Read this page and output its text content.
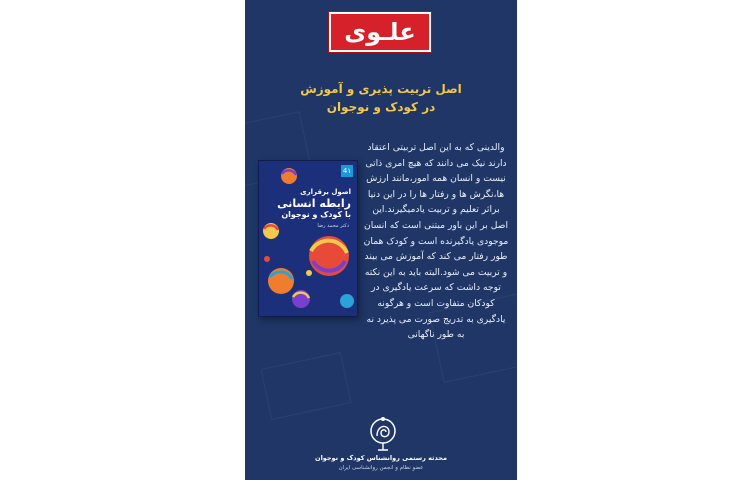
علـوی
اصل تربیت پذیری و آموزش
در کودک و نوجوان
4۱
اصول برقراری
رابطه انسانی
با کودک و نوجوان
دکتر محمد رضا
والدینی که به این اصل تربیتی اعتقاد دارند نیک می دانند که هیچ امری ذاتی نیست و انسان همه امور،مانند ارزش ها،نگرش ها و رفتار ها را در این دنیا براثر تعلیم و تربیت یادمیگیرند.این اصل بر این باور مبتنی است که انسان موجودی یادگیرنده است و کودک همان طور رفتار می کند که آموزش می بیند و تربیت می شود.البته باید به این نکته توجه داشت که سرعت یادگیری در کودکان متفاوت است و هرگونه یادگیری به تدریج صورت می پذیرد نه به طور ناگهانی
محدثه رستمی روانشناس کودک و نوجوان
عضو نظام و انجمن روانشناسی ایران
